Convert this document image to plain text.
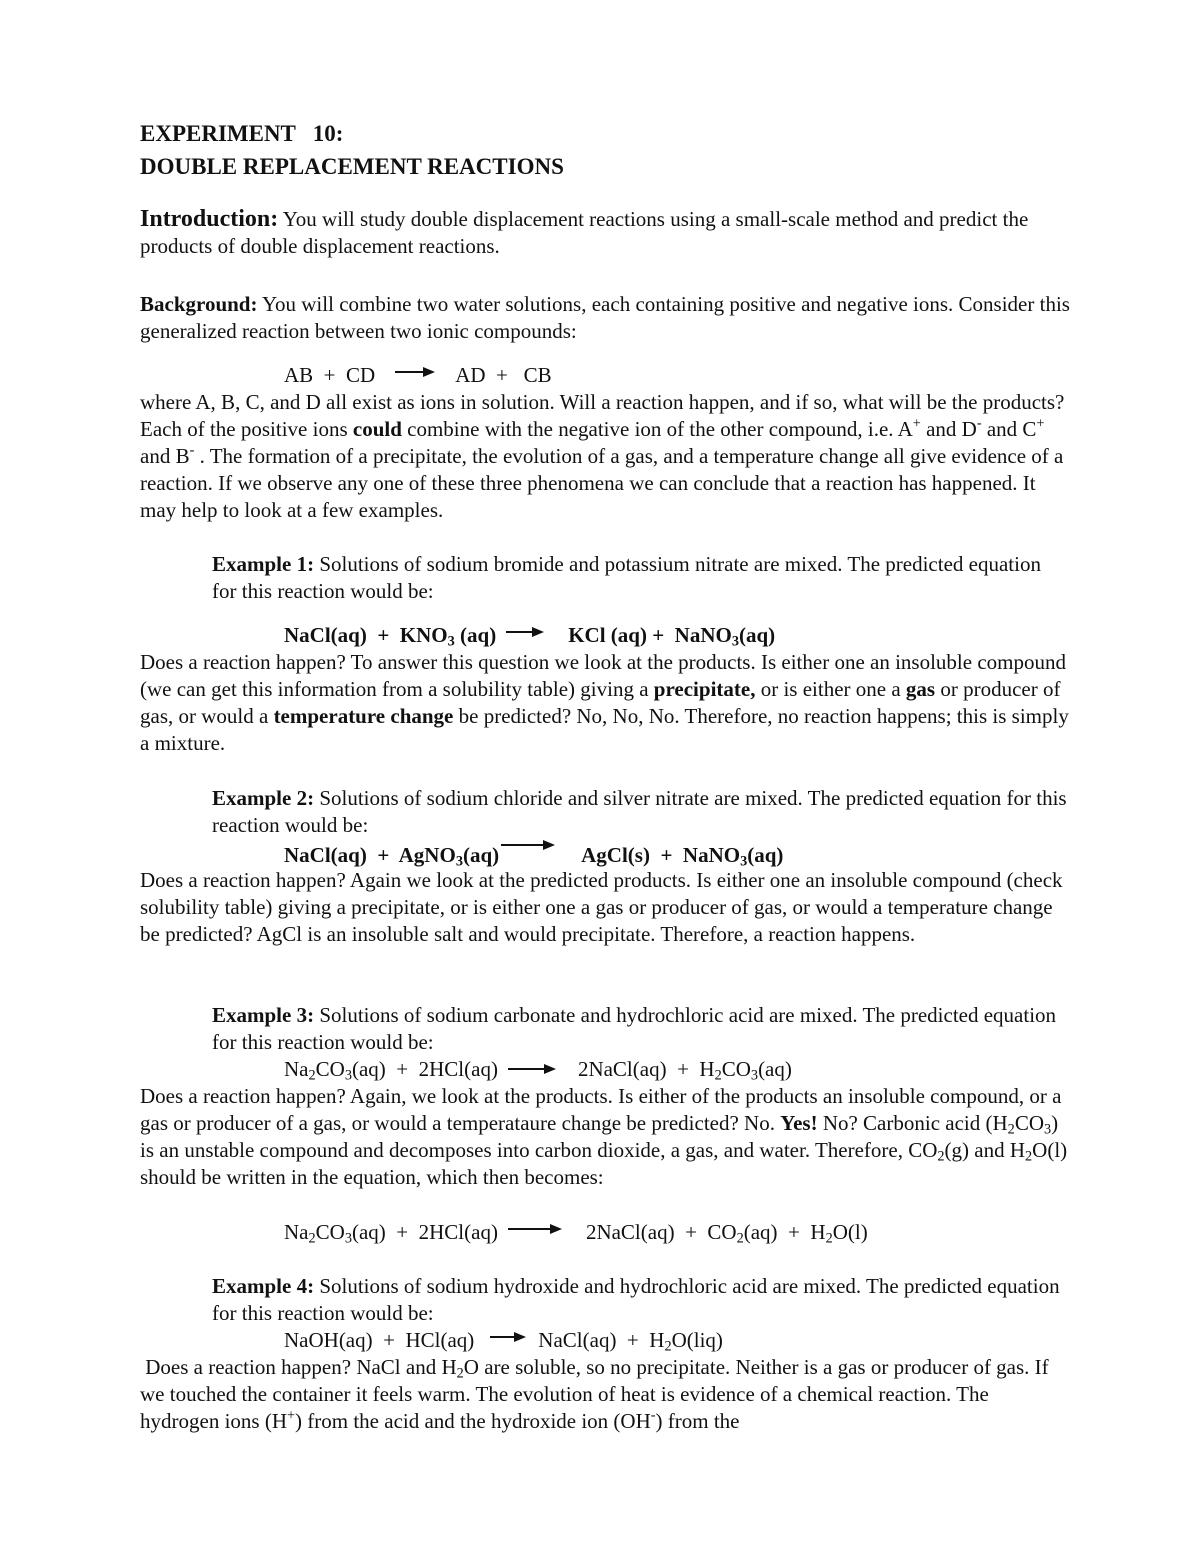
EXPERIMENT   10:
DOUBLE REPLACEMENT REACTIONS

Introduction: You will study double displacement reactions using a small-scale method and predict the products of double displacement reactions.

Background: You will combine two water solutions, each containing positive and negative ions. Consider this generalized reaction between two ionic compounds:

AB  +  CD	AD  +   CB

where A, B, C, and D all exist as ions in solution. Will a reaction happen, and if so, what will be the products? Each of the positive ions could combine with the negative ion of the other compound, i.e. A+ and D- and C+ and B- . The formation of a precipitate, the evolution of a gas, and a temperature change all give evidence of a reaction. If we observe any one of these three phenomena we can conclude that a reaction has happened. It may help to look at a few examples.

Example 1: Solutions of sodium bromide and potassium nitrate are mixed. The predicted equation for this reaction would be:

NaCl(aq)  +  $KNO_3$ (aq)	KCl (aq) +  NaNO$_3$(aq)

Does a reaction happen? To answer this question we look at the products. Is either one an insoluble compound (we can get this information from a solubility table) giving a precipitate, or is either one a gas or producer of gas, or would a temperature change be predicted? No, No, No. Therefore, no reaction happens; this is simply a mixture.

Example 2: Solutions of sodium chloride and silver nitrate are mixed. The predicted equation for this reaction would be:

NaCl(aq)  +  AgNO$_3$(aq)	AgCl(s)  +  NaNO$_3$(aq)

Does a reaction happen? Again we look at the predicted products. Is either one an insoluble compound (check solubility table) giving a precipitate, or is either one a gas or producer of gas, or would a temperature change be predicted? AgCl is an insoluble salt and would precipitate. Therefore, a reaction happens.

Example 3: Solutions of sodium carbonate and hydrochloric acid are mixed. The predicted equation for this reaction would be:

$Na_2CO_3(aq) + 2HCl(aq)$	2NaCl(aq)  +  $H_2CO_3(aq)$

Does a reaction happen? Again, we look at the products. Is either of the products an insoluble compound, or a gas or producer of a gas, or would a temperataure change be predicted? No. Yes! No? Carbonic acid $(H_2CO_3)$ is an unstable compound and decomposes into carbon dioxide, a gas, and water. Therefore, $CO_2(g)$ and $H_2O(l)$ should be written in the equation, which then becomes:

$Na_2CO_3(aq) + 2HCl(aq)$	2NaCl(aq)  +  $CO_2(aq) + H_2O(l)$

Example 4: Solutions of sodium hydroxide and hydrochloric acid are mixed. The predicted equation for this reaction would be:

NaOH(aq)  +  HCl(aq)	NaCl(aq)  +  $H_2O(liq)$

Does a reaction happen? NaCl and $H_2O$ are soluble, so no precipitate. Neither is a gas or producer of gas. If we touched the container it feels warm. The evolution of heat is evidence of a chemical reaction. The hydrogen ions (H+) from the acid and the hydroxide ion (OH-) from the
